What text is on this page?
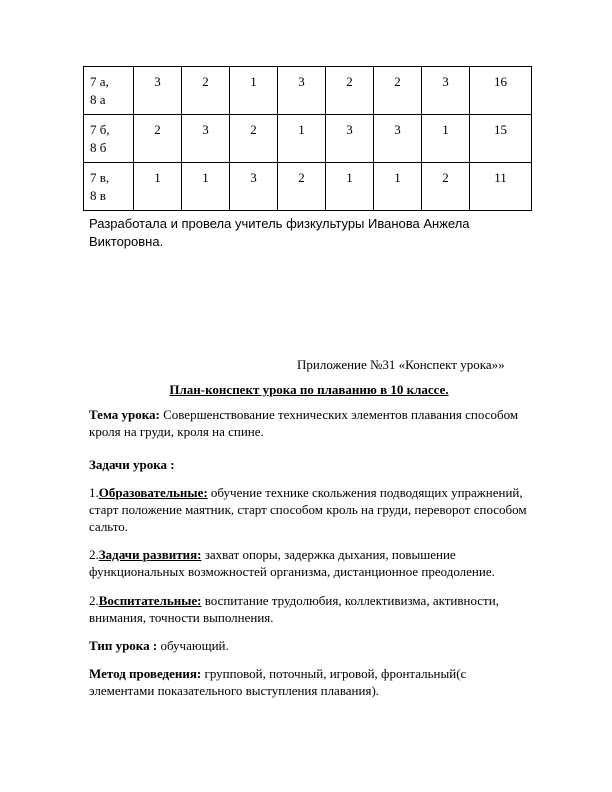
7 а,
8 а	3	2	1	3	2	2	3	16
7 б,
8 б	2	3	2	1	3	3	1	15
7 в,
8 в	1	1	3	2	1	1	2	11
Разработала и провела учитель физкультуры Иванова Анжела
Викторовна.

Приложение №31 «Конспект урока»»

План-конспект урока по плаванию в 10 классе.

Тема урока: Совершенствование технических элементов плавания способом кроля на груди, кроля на спине.

Задачи урока :

1.Образовательные: обучение технике скольжения подводящих упражнений, старт положение маятник, старт способом кроль на груди, переворот способом сальто.

2.Задачи развития: захват опоры, задержка дыхания, повышение функциональных возможностей организма, дистанционное преодоление.

2.Воспитательные: воспитание трудолюбия, коллективизма, активности, внимания, точности выполнения.

Тип урока : обучающий.

Метод проведения: групповой, поточный, игровой, фронтальный(с элементами показательного выступления плавания).
